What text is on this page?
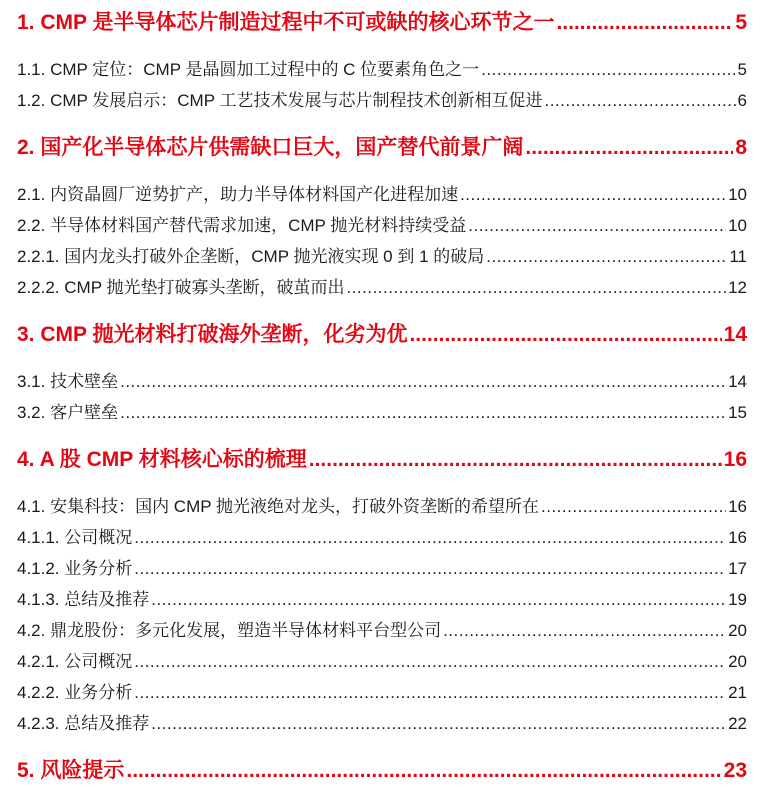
1. CMP 是半导体芯片制造过程中不可或缺的核心环节之一 .....	5
1.1. CMP 定位：CMP 是晶圆加工过程中的 C 位要素角色之一 .....	5
1.2. CMP 发展启示：CMP 工艺技术发展与芯片制程技术创新相互促进 .....	6
2. 国产化半导体芯片供需缺口巨大，国产替代前景广阔 .....	8
2.1. 内资晶圆厂逆势扩产，助力半导体材料国产化进程加速 .....	10
2.2. 半导体材料国产替代需求加速，CMP 抛光材料持续受益 .....	10
2.2.1. 国内龙头打破外企垄断，CMP 抛光液实现 0 到 1 的破局 .....	11
2.2.2. CMP 抛光垫打破寡头垄断，破茧而出 .....	12
3. CMP 抛光材料打破海外垄断，化劣为优 .....	14
3.1. 技术壁垒 .....	14
3.2. 客户壁垒 .....	15
4. A 股 CMP 材料核心标的梳理 .....	16
4.1. 安集科技：国内 CMP 抛光液绝对龙头，打破外资垄断的希望所在 .....	16
4.1.1. 公司概况 .....	16
4.1.2. 业务分析 .....	17
4.1.3. 总结及推荐 .....	19
4.2. 鼎龙股份：多元化发展，塑造半导体材料平台型公司 .....	20
4.2.1. 公司概况 .....	20
4.2.2. 业务分析 .....	21
4.2.3. 总结及推荐 .....	22
5. 风险提示 .....	23
